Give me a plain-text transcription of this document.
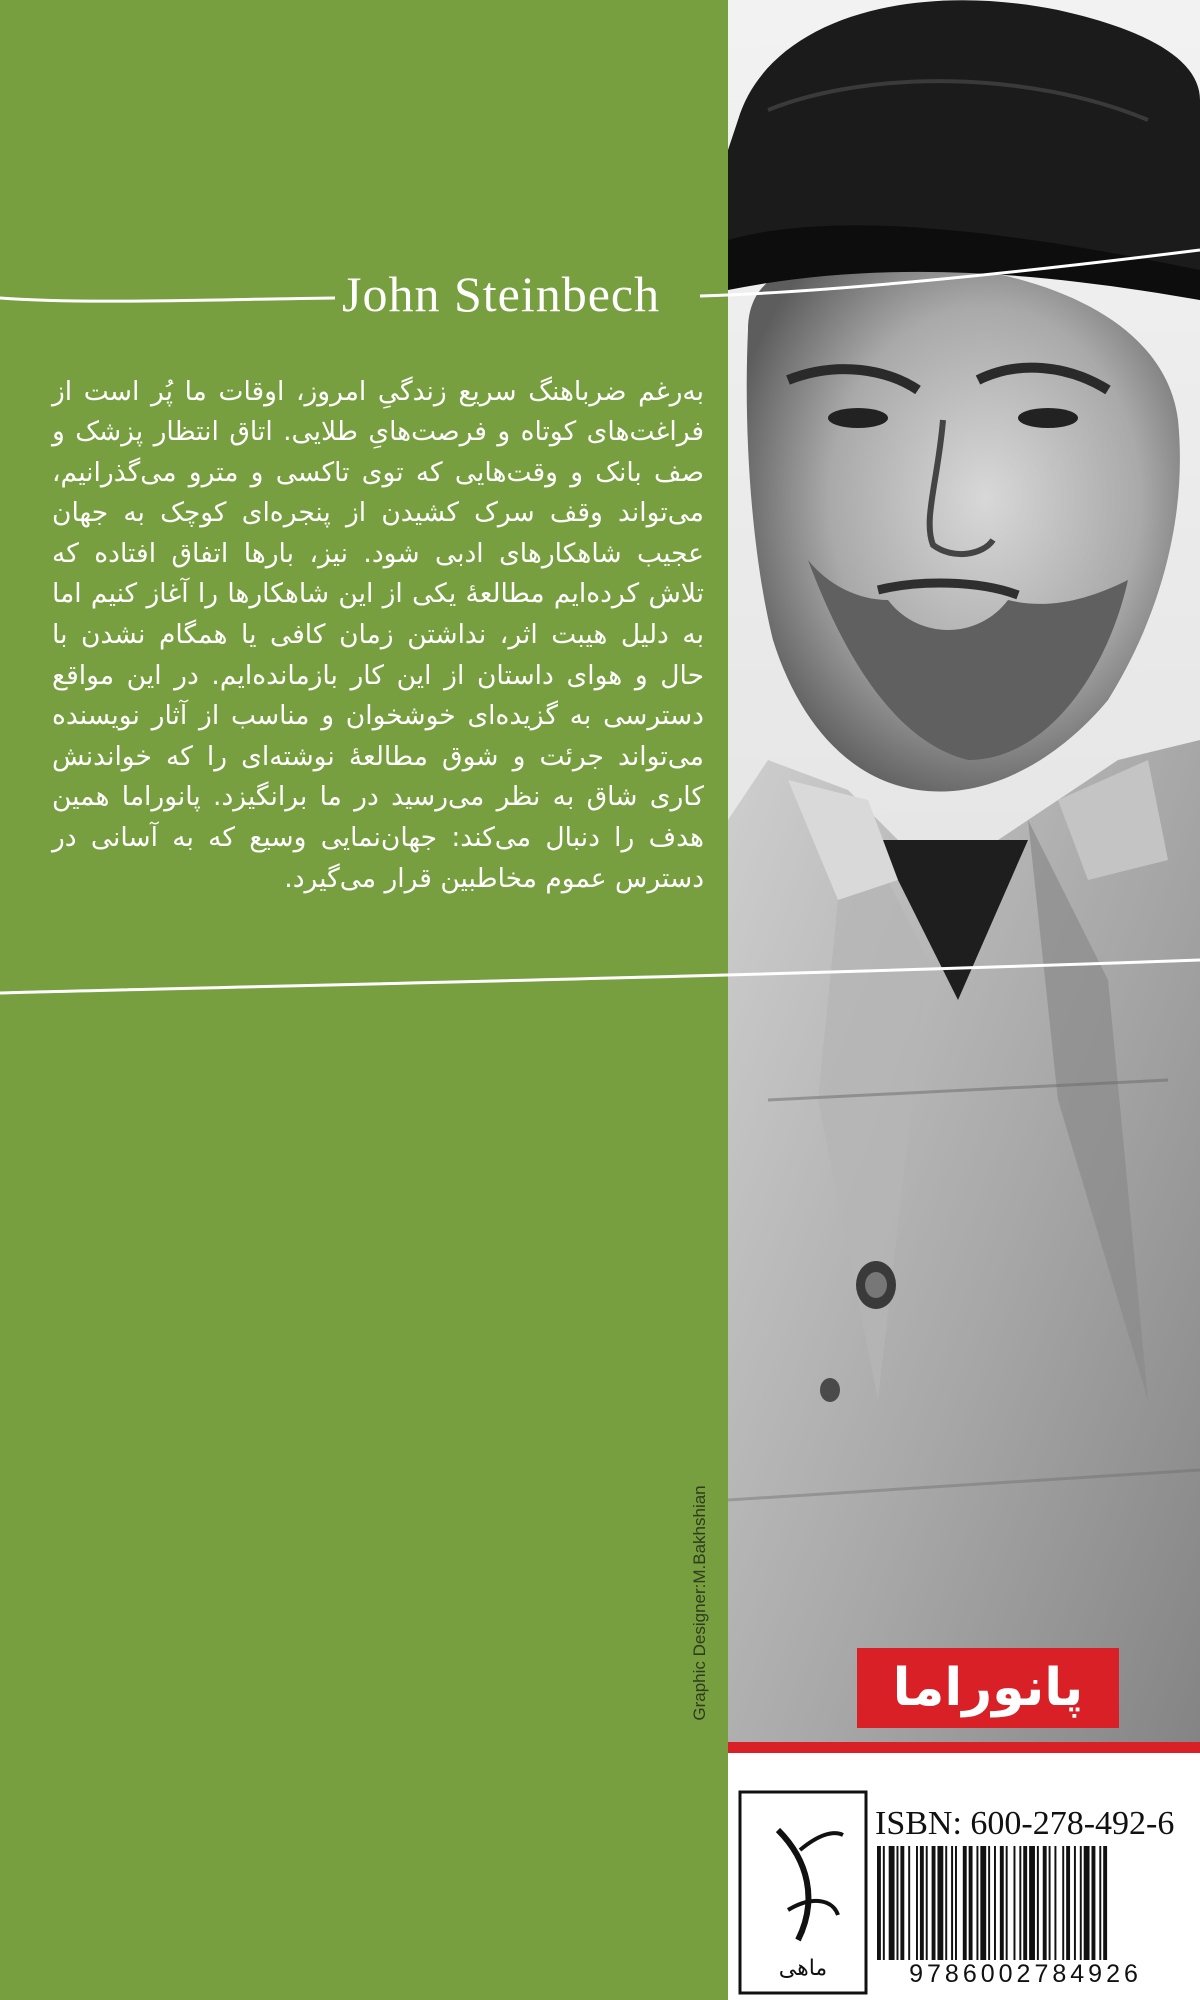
John Steinbech

به‌رغم ضرباهنگ سریع زندگیِ امروز، اوقات ما پُر است از فراغت‌های کوتاه و فرصت‌هایِ طلایی. اتاق انتظار پزشک و صف بانک و وقت‌هایی که توی تاکسی و مترو می‌گذرانیم، می‌تواند وقف سرک کشیدن از پنجره‌ای کوچک به جهان عجیب شاهکارهای ادبی شود. نیز، بارها اتفاق افتاده که تلاش کرده‌ایم مطالعهٔ یکی از این شاهکارها را آغاز کنیم اما به دلیل هیبت اثر، نداشتن زمان کافی یا همگام نشدن با حال و هوای داستان از این کار بازمانده‌ایم. در این مواقع دسترسی به گزیده‌ای خوشخوان و مناسب از آثار نویسنده می‌تواند جرئت و شوق مطالعهٔ نوشته‌ای را که خواندنش کاری شاق به نظر می‌رسید در ما برانگیزد. پانوراما همین هدف را دنبال می‌کند: جهان‌نمایی وسیع که به آسانی در دسترس عموم مخاطبین قرار می‌گیرد.

Graphic Designer:M.Bakhshian	پانوراما
ماهی
ISBN: 600-278-492-6
9786002784926
